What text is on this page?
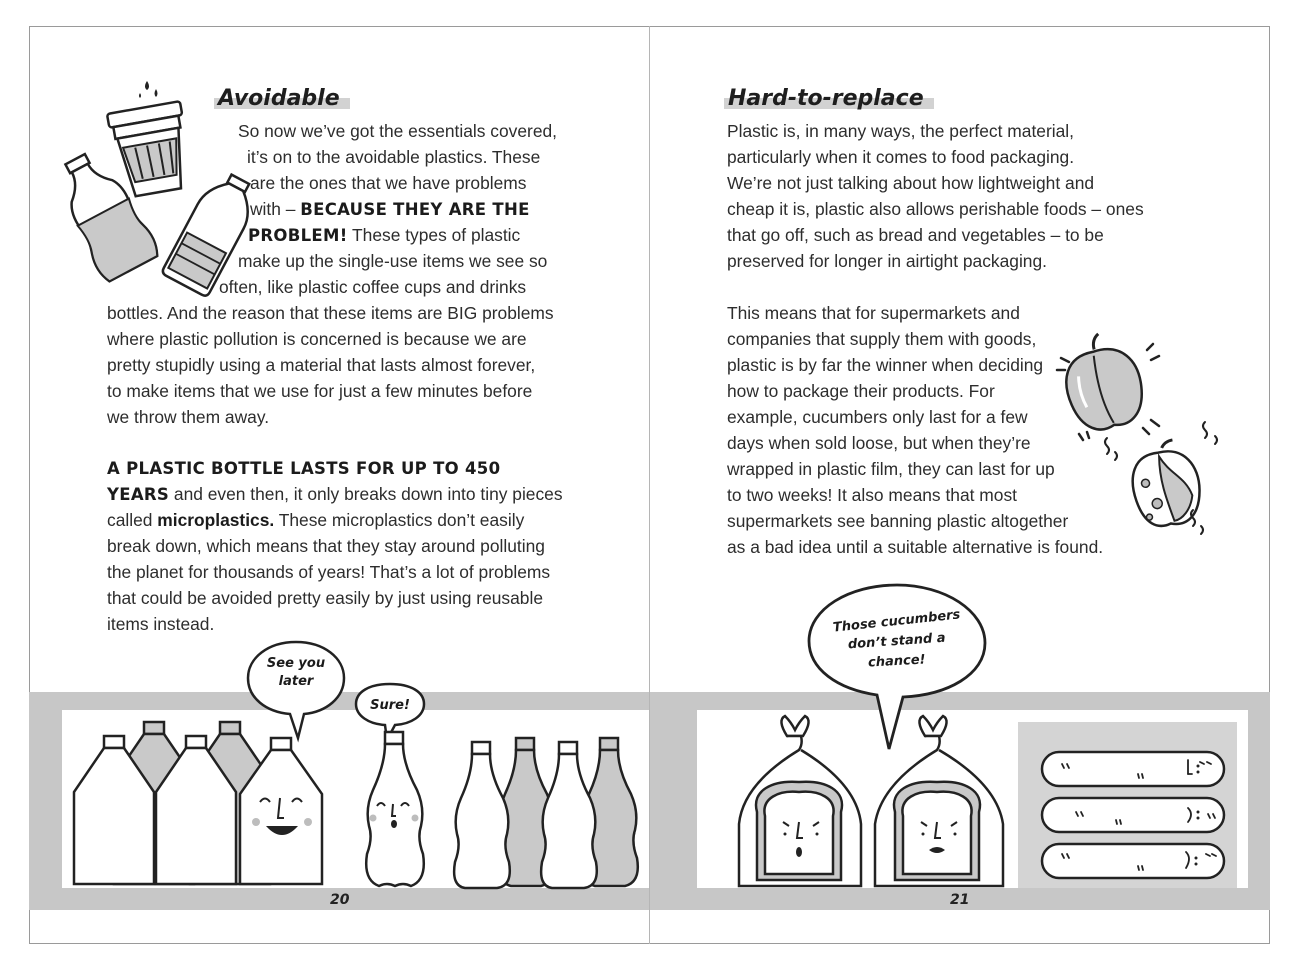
Avoidable
So now we’ve got the essentials covered,
it’s on to the avoidable plastics. These
are the ones that we have problems
with – BECAUSE THEY ARE THE
PROBLEM! These types of plastic
make up the single-use items we see so
often, like plastic coffee cups and drinks
bottles. And the reason that these items are BIG problems
where plastic pollution is concerned is because we are
pretty stupidly using a material that lasts almost forever,
to make items that we use for just a few minutes before
we throw them away.
A PLASTIC BOTTLE LASTS FOR UP TO 450
YEARS and even then, it only breaks down into tiny pieces
called microplastics. These microplastics don’t easily
break down, which means that they stay around polluting
the planet for thousands of years! That’s a lot of problems
that could be avoided pretty easily by just using reusable
items instead.
20
See you
later
Sure!
Hard-to-replace
Plastic is, in many ways, the perfect material,
particularly when it comes to food packaging.
We’re not just talking about how lightweight and
cheap it is, plastic also allows perishable foods – ones
that go off, such as bread and vegetables – to be
preserved for longer in airtight packaging.
This means that for supermarkets and
companies that supply them with goods,
plastic is by far the winner when deciding
how to package their products. For
example, cucumbers only last for a few
days when sold loose, but when they’re
wrapped in plastic film, they can last for up
to two weeks! It also means that most
supermarkets see banning plastic altogether
as a bad idea until a suitable alternative is found.
21
Those cucumbers
don’t stand a
chance!
